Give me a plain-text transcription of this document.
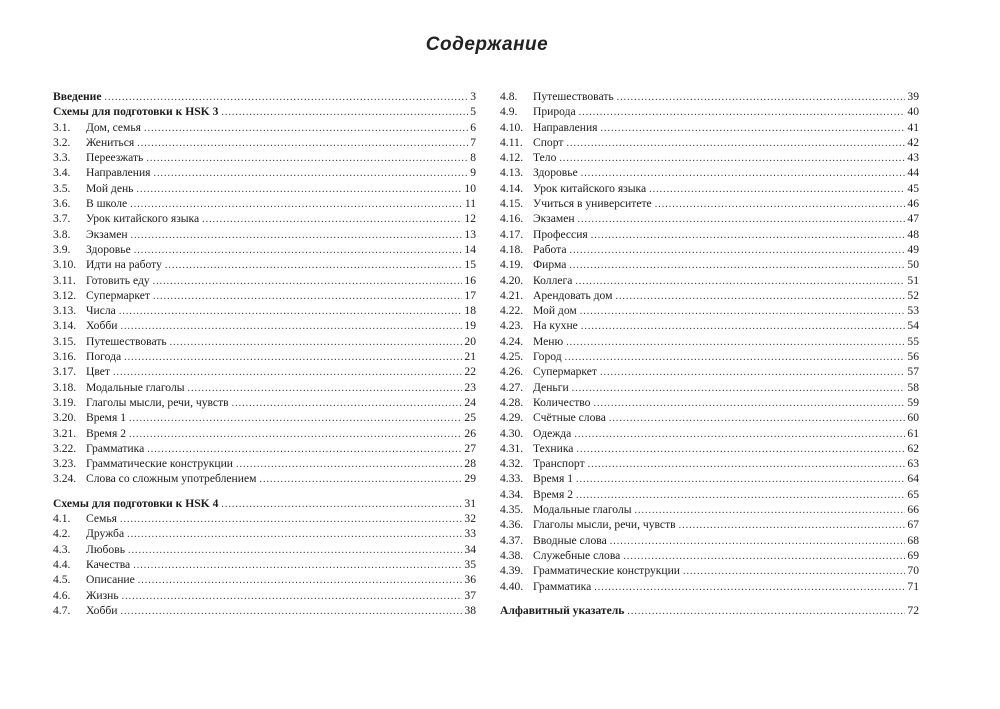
Содержание
Введение .....	3
Схемы для подготовки к HSK 3 .....	5
3.1.	Дом, семья .....	6
3.2.	Жениться .....	7
3.3.	Переезжать .....	8
3.4.	Направления .....	9
3.5.	Мой день .....	10
3.6.	В школе .....	11
3.7.	Урок китайского языка .....	12
3.8.	Экзамен .....	13
3.9.	Здоровье .....	14
3.10. Идти на работу .....	15
3.11. Готовить еду .....	16
3.12. Супермаркет .....	17
3.13. Числа .....	18
3.14. Хобби .....	19
3.15. Путешествовать .....	20
3.16. Погода .....	21
3.17. Цвет .....	22
3.18. Модальные глаголы .....	23
3.19. Глаголы мысли, речи, чувств .....	24
3.20. Время 1 .....	25
3.21. Время 2 .....	26
3.22. Грамматика .....	27
3.23. Грамматические конструкции .....	28
3.24. Слова со сложным употреблением .....	29
Схемы для подготовки к HSK 4 .....	31
4.1.	Семья .....	32
4.2.	Дружба .....	33
4.3.	Любовь .....	34
4.4.	Качества .....	35
4.5.	Описание .....	36
4.6.	Жизнь .....	37
4.7.	Хобби .....	38
4.8.	Путешествовать .....	39
4.9.	Природа .....	40
4.10. Направления .....	41
4.11. Спорт .....	42
4.12. Тело .....	43
4.13. Здоровье .....	44
4.14. Урок китайского языка .....	45
4.15. Учиться в университете .....	46
4.16. Экзамен .....	47
4.17. Профессия .....	48
4.18. Работа .....	49
4.19. Фирма .....	50
4.20. Коллега .....	51
4.21. Арендовать дом .....	52
4.22. Мой дом .....	53
4.23. На кухне .....	54
4.24. Меню .....	55
4.25. Город .....	56
4.26. Супермаркет .....	57
4.27. Деньги .....	58
4.28. Количество .....	59
4.29. Счётные слова .....	60
4.30. Одежда .....	61
4.31. Техника .....	62
4.32. Транспорт .....	63
4.33. Время 1 .....	64
4.34. Время 2 .....	65
4.35. Модальные глаголы .....	66
4.36. Глаголы мысли, речи, чувств .....	67
4.37. Вводные слова .....	68
4.38. Служебные слова .....	69
4.39. Грамматические конструкции .....	70
4.40. Грамматика .....	71
Алфавитный указатель .....	72
